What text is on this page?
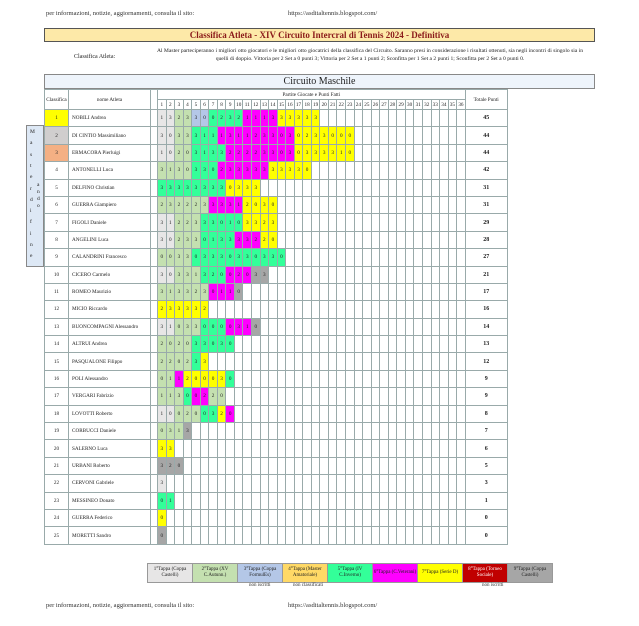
per informazioni, notizie, aggiornamenti, consulta il sito:	https://asditaltennis.blogspot.com/
Classifica Atleta - XIV Circuito Intercral di Tennis 2024 - Definitiva
Classifica Atleta:
Al Master parteciperanno i migliori otto giocatori e le migliori otto giocatrici della classifica del Circuito. Saranno presi in considerazione i risultati ottenuti, sia negli incontri di singolo sia in quelli di doppio. Vittoria per 2 Set a 0 punti 3; Vittoria per 2 Set a 1 punti 2; Sconfitta per 1 Set a 2 punti 1; Sconfitta per 2 Set a 0 punti 0.
Circuito Maschile
Classifica	nome Atleta		Partite Giocate e Punti Fatti																																				Totale Punti
			1	2	3	4	5	6	7	8	9	10	11	12	13	14	15	16	17	18	19	20	21	22	23	24	25	26	27	28	29	30	31	32	33	34	35	36	
1	NOBILI Andrea		1	3	2	3	3	0	0	2	3	2	1	1	1	3	3	3	3	3	3																		45
2	DI CINTIO Massimiliano		3	0	3	3	3	1	1	1	3	1	1	2	3	3	0	3	0	2	3	3	0	0	0														44
3	ERMACORA Pierluigi		1	0	2	0	3	1	3	3	2	2	2	2	3	3	0	3	0	3	3	3	3	1	0														44
4	ANTONELLI Luca		3	1	3	0	3	3	0	2	3	3	3	3	3	3	3	3	3	0																			42
5	DELFINO Christian		3	3	3	3	3	3	3	3	0	3	3	3																									31
6	GUERRA Giampiero		2	3	2	2	2	3	3	3	3	1	2	0	3	0																							31
7	FIGOLI Daniele		3	1	2	2	3	3	3	0	1	0	3	3	2	3																							29
8	ANGELINI Luca		3	0	2	3	3	0	1	3	3	3	3	2	2	0																							28
9	CALANDRINI Francesco		0	0	3	3	0	3	3	3	0	3	3	0	3	3	0																						27
10	CICERO Carmelo		3	0	3	3	1	3	2	0	0	2	0	3	3																								21
11	ROMEO Maurizio		3	1	3	3	2	3	0	1	1	0																											17
12	MICIO Riccardo		2	3	3	3	3	2																															16
13	BUONCOMPAGNI Alessandro		3	1	0	3	3	0	0	0	0	3	1	0																									14
14	ALTRUI Andrea		2	0	2	0	3	3	0	3	0																												13
15	PASQUALONE Filippo		2	2	0	2	3	3																															12
16	POLI Alessandro		0	1	1	2	0	0	0	3	0																												9
17	VERGARI Fabrizio		1	1	3	0	0	2	2	0																													9
18	LOVOTTI Roberto		1	0	0	2	0	0	3	2	0																												8
19	CORBUCCI Daniele		0	3	1	3																																	7
20	SALERNO Luca		3	3																																			6
21	URBANI Roberto		3	2	0																																		5
22	CERVONI Gabriele		3																																				3
23	MESSINEO Donato		0	1																																			1
24	GUERRA Federico		0																																				0
25	MORETTI Sandro		0																																				0
M
a
s
t
e
r
d
i
f
i
n
e
a
n
d
o
1°Tappa (Coppa Castelli)	2°Tappa (XV C.Autunn.)	3°Tappa (Coppa FormulEs)	4°Tappa (Master Amatoriale)	5°Tappa (IV C.Inverno)	6°Tappa (C.Veterani)	7°Tappa (Serie D)	8°Tappa (Torneo Sociale)	9°Tappa (Coppa Castelli)
non iscritti	non classificati	non iscritti
per informazioni, notizie, aggiornamenti, consulta il sito:	https://asditaltennis.blogspot.com/
